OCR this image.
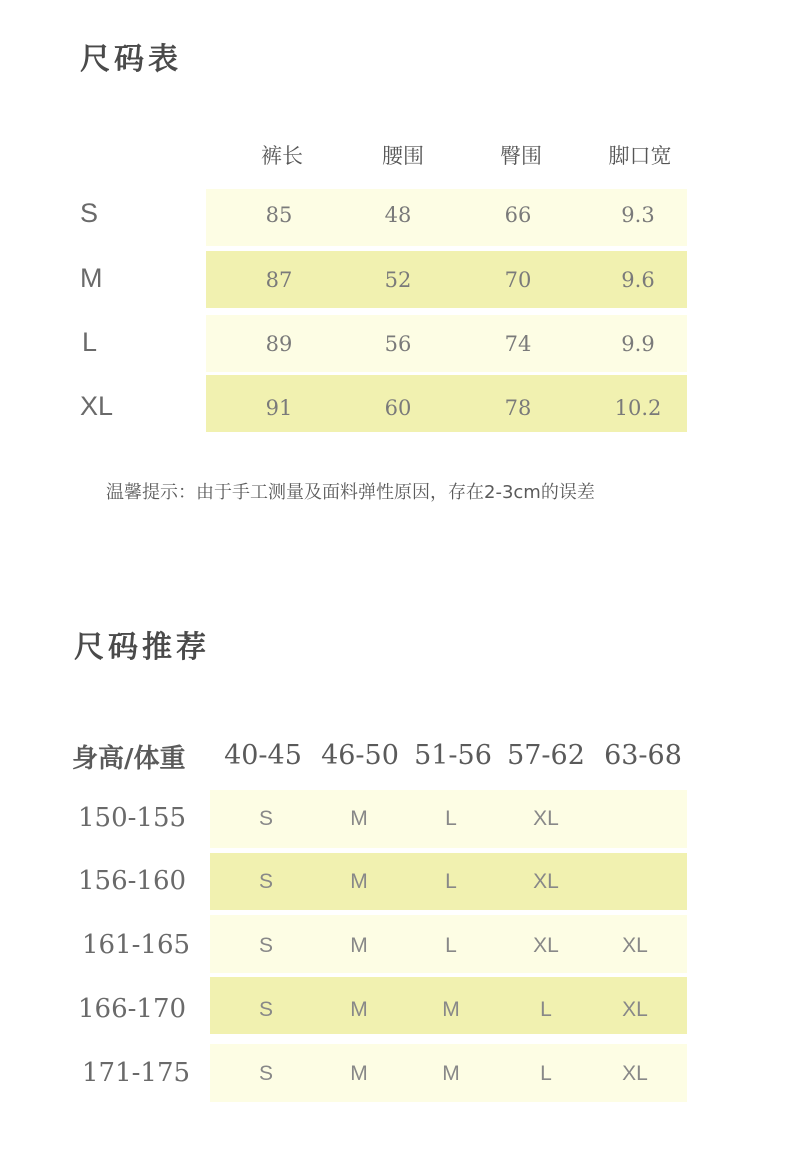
尺码表
裤长	腰围	臀围	脚口宽
S	85	48	66	9.3
M	87	52	70	9.6
L	89	56	74	9.9
XL	91	60	78	10.2
温馨提示：由于手工测量及面料弹性原因，存在2-3cm的误差
尺码推荐
身高/体重	40-45 46-50 51-56 57-62 63-68
150-155	S	M	L	XL
156-160	S	M	L	XL
161-165	S	M	L	XL	XL
166-170	S	M	M	L	XL
171-175	S	M	M	L	XL
